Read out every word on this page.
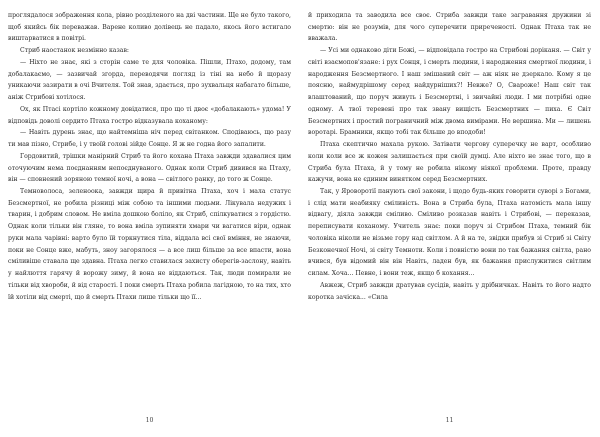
проглядалося зображення кола, рівно розділеного на дві частини. Ще не було такого, щоб якийсь бік переважав. Варене коливо долівець не падало, якось його встигало виштарватися в повітрі.

Стриб наостанок незмінно казав:

— Ніхто не знає, які з сторін саме те для чоловіка. Пішли, Птахо, додому, там добалакаємо, — зазвичай згорда, переводячи погляд із тіні на небо й щоразу уникаючи зазирати в очі Вчителя. Той знав, здається, про зухвальця набагато більше, аніж Стрибові хотілося.

Ох, як Птасі кортіло кожному довідатися, про що ті двоє «добалакають» удома! У відповідь доволі сердито Птаха гостро відказувала коханому:

— Навіть дурень знає, що найтемніша ніч перед світанком. Сподіваюсь, що разу ти мав пізно, Стрибе, і у твоїй голові зійде Сонце. Я ж не годна його запалити.

Гордовитий, трішки манірний Стриб та його кохана Птаха завжди здавалися цим оточуючим нема поєднанням непоєднуваного. Однак коли Стриб дивився на Птаху, він — сповнений зоряною темної ночі, а вона — світлого ранку, до того ж Сонце.

Темноволоса, зеленоока, завжди щира й привітна Птаха, хоч і мала статус Безсмертної, не робила різниці між собою та іншими людьми. Лікувала недужих і тварин, і добрим словом. Не вміла дошкою боліло, як Стриб, спілкуватися з гордістю. Однак коли тільки він гляне, то вона вміла зупиняти хмари чи вагатися віри, однак руки мала чарівні: варто було їй торкнутися тіла, віддала всі свої вміння, не знаючи, поки не Сонце вже, мабуть, зноу загорялося — а все лиш більше за все впасти, вона сміливіше ставала ще здавна. Птаха легко ставилася захисту оберегів-заслону, навіть у найлюття гарячу й ворожу зиму, й вона не віддаються. Так, люди помирали не тільки від хвороби, й від старості. І поки смерть Птаха робила лагідною, то на тих, хто їй хотіли від смерті, що й смерть Птахи лише тільки що її...

10

й приходила та заводила все своє. Стриба завжди таке загравання дружини зі смертю: він не розумів, для чого суперечити приреченості. Однак Птаха так не вважала.

— Усі ми однаково діти Божі, — відповідала гостро на Стрибові доріканя. — Світ у світі взаємопов'язане: і рух Сонця, і смерть людини, і народження смертної людини, і народження Безсмертного. І наш змішаний світ — аж ніяк не дзеркало. Кому я це поясню, наймудрішому серед найдурніших?! Невже? О, Свароже! Наш світ так влаштований, що поруч живуть і Безсмертні, і звичайні люди. І ми потрібні одне одному. А твої теревені про так звану вищість Безсмертних — пиха. Є Світ Безсмертних і простий пограничний між двома вимірами. Не вершина. Ми — лишень воротарі. Брамники, якщо тобі так більше до вподоби!

Птаха скептично махала рукою. Затівати чергову суперечку не варт, особливо коли коли все ж кожен залишається при своїй думці. Але ніхто не знає того, що в Стриба була Птаха, й у тому не робила нікому ніякої проблеми. Проте, правду кажучи, вона не єдиним винятком серед Безсмертних.

Так, у Яроворотії панують свої закони, і щодо будь-яких говорити суворі з Богами, і слід мати неабияку сміливість. Вона в Стриба була, Птаха натомість мала іншу відвагу, діяла завжди сміливо. Сміливо розказав навіть і Стрибові, — переказав, переписувати коханому. Учитель знає: поки поруч зі Стрибом Птаха, темний бік чоловіка ніколи не візьме гору над світлом. А й на те, звідки прибув зі Стриб зі Світу Безконечної Ночі, зі світу Темноти. Коли і повністю вони по так бажання світла, рано вчився, був відомий він він Навіть, ладен був, як бажання прислужитися світлим силам. Хоча... Певне, і вони теж, якщо б кохання...

Авжеж, Стриб завжди дратував сусідів, навіть у дрібничках. Навіть то його надто коротка зачіска... «Сила

11
